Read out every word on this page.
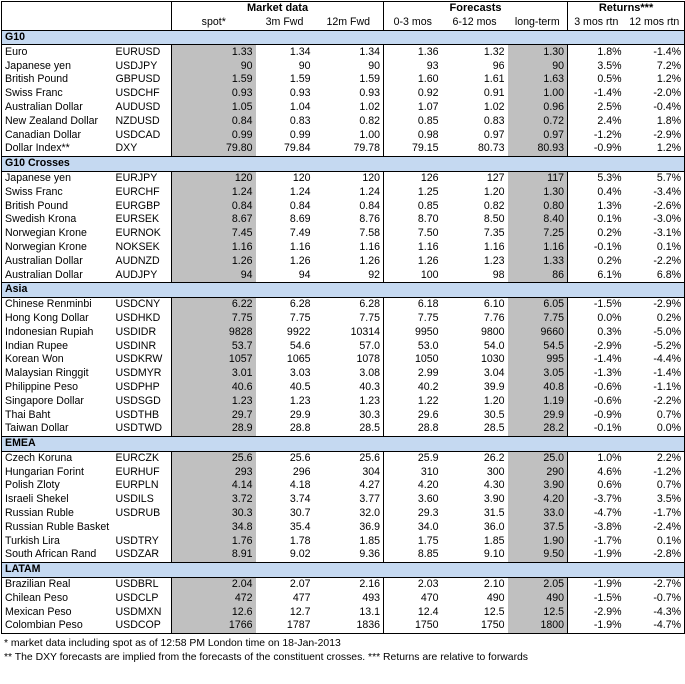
		Market data			Forecasts			Returns***	
		spot*	3m Fwd	12m Fwd	0-3 mos	6-12 mos	long-term	3 mos rtn	12 mos rtn
G10									
Euro	EURUSD	1.33	1.34	1.34	1.36	1.32	1.30	1.8%	-1.4%
Japanese yen	USDJPY	90	90	90	93	96	90	3.5%	7.2%
British Pound	GBPUSD	1.59	1.59	1.59	1.60	1.61	1.63	0.5%	1.2%
Swiss Franc	USDCHF	0.93	0.93	0.93	0.92	0.91	1.00	-1.4%	-2.0%
Australian Dollar	AUDUSD	1.05	1.04	1.02	1.07	1.02	0.96	2.5%	-0.4%
New Zealand Dollar	NZDUSD	0.84	0.83	0.82	0.85	0.83	0.72	2.4%	1.8%
Canadian Dollar	USDCAD	0.99	0.99	1.00	0.98	0.97	0.97	-1.2%	-2.9%
Dollar Index**	DXY	79.80	79.84	79.78	79.15	80.73	80.93	-0.9%	1.2%
G10 Crosses									
Japanese yen	EURJPY	120	120	120	126	127	117	5.3%	5.7%
Swiss Franc	EURCHF	1.24	1.24	1.24	1.25	1.20	1.30	0.4%	-3.4%
British Pound	EURGBP	0.84	0.84	0.84	0.85	0.82	0.80	1.3%	-2.6%
Swedish Krona	EURSEK	8.67	8.69	8.76	8.70	8.50	8.40	0.1%	-3.0%
Norwegian Krone	EURNOK	7.45	7.49	7.58	7.50	7.35	7.25	0.2%	-3.1%
Norwegian Krone	NOKSEK	1.16	1.16	1.16	1.16	1.16	1.16	-0.1%	0.1%
Australian Dollar	AUDNZD	1.26	1.26	1.26	1.26	1.23	1.33	0.2%	-2.2%
Australian Dollar	AUDJPY	94	94	92	100	98	86	6.1%	6.8%
Asia									
Chinese Renminbi	USDCNY	6.22	6.28	6.28	6.18	6.10	6.05	-1.5%	-2.9%
Hong Kong Dollar	USDHKD	7.75	7.75	7.75	7.75	7.76	7.75	0.0%	0.2%
Indonesian Rupiah	USDIDR	9828	9922	10314	9950	9800	9660	0.3%	-5.0%
Indian Rupee	USDINR	53.7	54.6	57.0	53.0	54.0	54.5	-2.9%	-5.2%
Korean Won	USDKRW	1057	1065	1078	1050	1030	995	-1.4%	-4.4%
Malaysian Ringgit	USDMYR	3.01	3.03	3.08	2.99	3.04	3.05	-1.3%	-1.4%
Philippine Peso	USDPHP	40.6	40.5	40.3	40.2	39.9	40.8	-0.6%	-1.1%
Singapore Dollar	USDSGD	1.23	1.23	1.23	1.22	1.20	1.19	-0.6%	-2.2%
Thai Baht	USDTHB	29.7	29.9	30.3	29.6	30.5	29.9	-0.9%	0.7%
Taiwan Dollar	USDTWD	28.9	28.8	28.5	28.8	28.5	28.2	-0.1%	0.0%
EMEA									
Czech Koruna	EURCZK	25.6	25.6	25.6	25.9	26.2	25.0	1.0%	2.2%
Hungarian Forint	EURHUF	293	296	304	310	300	290	4.6%	-1.2%
Polish Zloty	EURPLN	4.14	4.18	4.27	4.20	4.30	3.90	0.6%	0.7%
Israeli Shekel	USDILS	3.72	3.74	3.77	3.60	3.90	4.20	-3.7%	3.5%
Russian Ruble	USDRUB	30.3	30.7	32.0	29.3	31.5	33.0	-4.7%	-1.7%
Russian Ruble Basket		34.8	35.4	36.9	34.0	36.0	37.5	-3.8%	-2.4%
Turkish Lira	USDTRY	1.76	1.78	1.85	1.75	1.85	1.90	-1.7%	0.1%
South African Rand	USDZAR	8.91	9.02	9.36	8.85	9.10	9.50	-1.9%	-2.8%
LATAM									
Brazilian Real	USDBRL	2.04	2.07	2.16	2.03	2.10	2.05	-1.9%	-2.7%
Chilean Peso	USDCLP	472	477	493	470	490	490	-1.5%	-0.7%
Mexican Peso	USDMXN	12.6	12.7	13.1	12.4	12.5	12.5	-2.9%	-4.3%
Colombian Peso	USDCOP	1766	1787	1836	1750	1750	1800	-1.9%	-4.7%
* market data including spot as of 12:58 PM London time on 18-Jan-2013
** The DXY forecasts are implied from the forecasts of the constituent crosses. *** Returns are relative to forwards
